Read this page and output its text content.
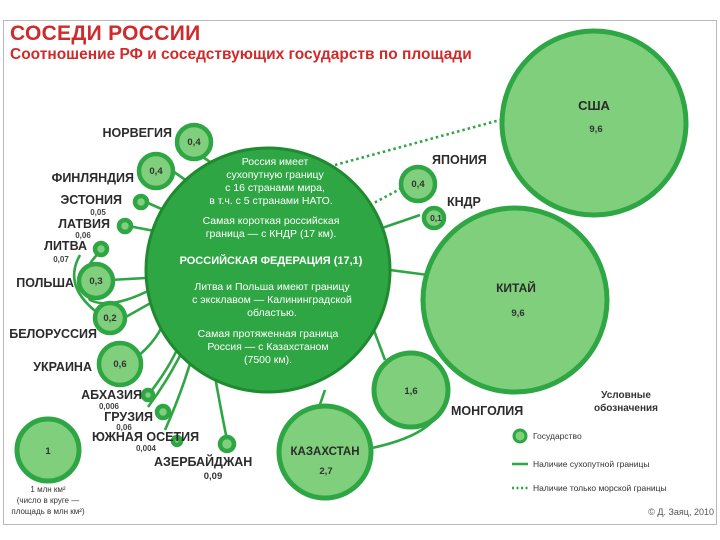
СОСЕДИ РОССИИ
Соотношение РФ и соседствующих государств по площади
США
9,6
КИТАЙ
9,6
КАЗАХСТАН
2,7
1,6
1
0,4
0,4
0,4
0,3
0,2
0,6
0,1
НОРВЕГИЯ
ФИНЛЯНДИЯ
ЭСТОНИЯ
0,05
ЛАТВИЯ
0,06
ЛИТВА
0,07
ПОЛЬША
БЕЛОРУССИЯ
УКРАИНА
АБХАЗИЯ
0,006
ГРУЗИЯ
0,06
ЮЖНАЯ ОСЕТИЯ
0,004
АЗЕРБАЙДЖАН
0,09
ЯПОНИЯ
КНДР
МОНГОЛИЯ
Россия имеет
сухопутную границу
с 16 странами мира,
в т.ч. с 5 странами НАТО.
Самая короткая российская
граница — с КНДР (17 км).
РОССИЙСКАЯ ФЕДЕРАЦИЯ (17,1)
Литва и Польша имеют границу
с эксклавом — Калининградской
областью.
Самая протяженная граница
Россия — с Казахстаном
(7500 км).
1 млн км²
(число в круге —
площадь в млн км²)
Условные
обозначения
Государство
Наличие сухопутной границы
Наличие только морской границы
© Д. Заяц, 2010
